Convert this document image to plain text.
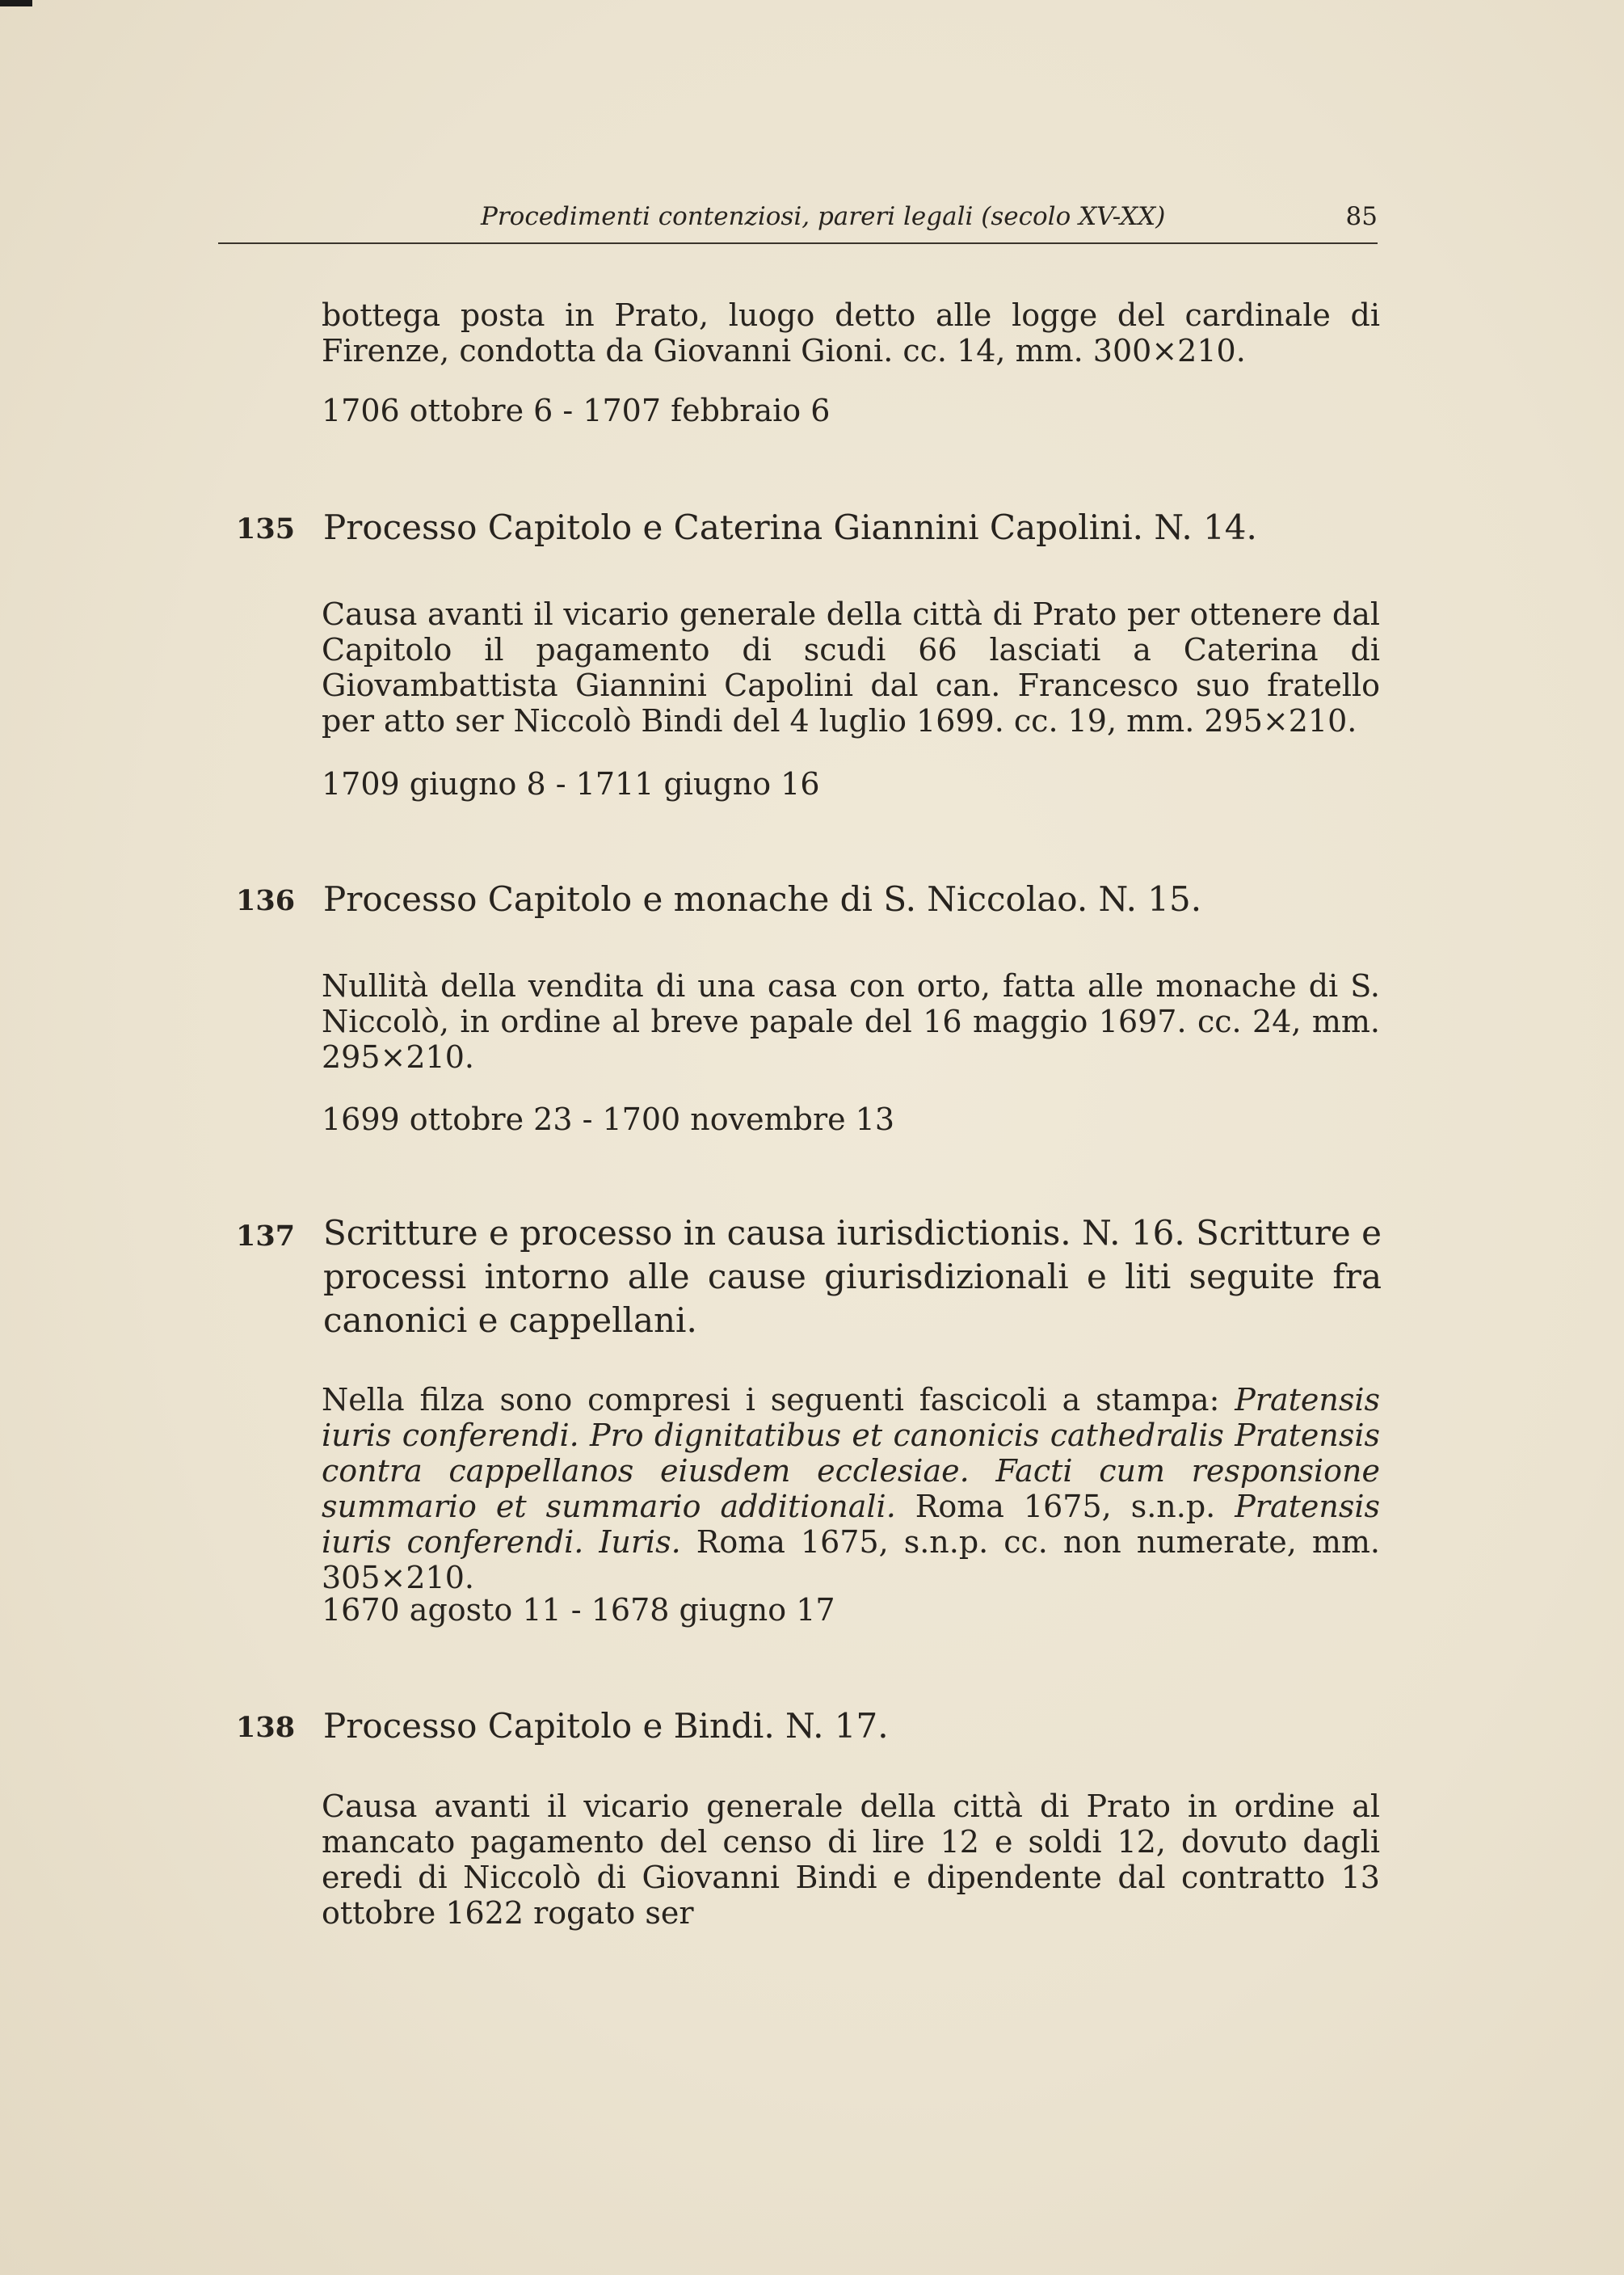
Procedimenti contenziosi, pareri legali (secolo XV-XX)	85

bottega posta in Prato, luogo detto alle logge del cardinale di Firenze, condotta da Giovanni Gioni. cc. 14, mm. 300×210.

1706 ottobre 6 - 1707 febbraio 6

135 Processo Capitolo e Caterina Giannini Capolini. N. 14.

Causa avanti il vicario generale della città di Prato per ottenere dal Capitolo il pagamento di scudi 66 lasciati a Caterina di Giovambattista Giannini Capolini dal can. Francesco suo fratello per atto ser Niccolò Bindi del 4 luglio 1699. cc. 19, mm. 295×210.

1709 giugno 8 - 1711 giugno 16

136 Processo Capitolo e monache di S. Niccolao. N. 15.

Nullità della vendita di una casa con orto, fatta alle monache di S. Niccolò, in ordine al breve papale del 16 maggio 1697. cc. 24, mm. 295×210.

1699 ottobre 23 - 1700 novembre 13

137 Scritture e processo in causa iurisdictionis. N. 16. Scritture e processi intorno alle cause giurisdizionali e liti seguite fra canonici e cappellani.

Nella filza sono compresi i seguenti fascicoli a stampa: Pratensis iuris conferendi. Pro dignitatibus et canonicis cathedralis Pratensis contra cappellanos eiusdem ecclesiae. Facti cum responsione summario et summario additionali. Roma 1675, s.n.p. Pratensis iuris conferendi. Iuris. Roma 1675, s.n.p. cc. non numerate, mm. 305×210.

1670 agosto 11 - 1678 giugno 17

138 Processo Capitolo e Bindi. N. 17.

Causa avanti il vicario generale della città di Prato in ordine al mancato pagamento del censo di lire 12 e soldi 12, dovuto dagli eredi di Niccolò di Giovanni Bindi e dipendente dal contratto 13 ottobre 1622 rogato ser
